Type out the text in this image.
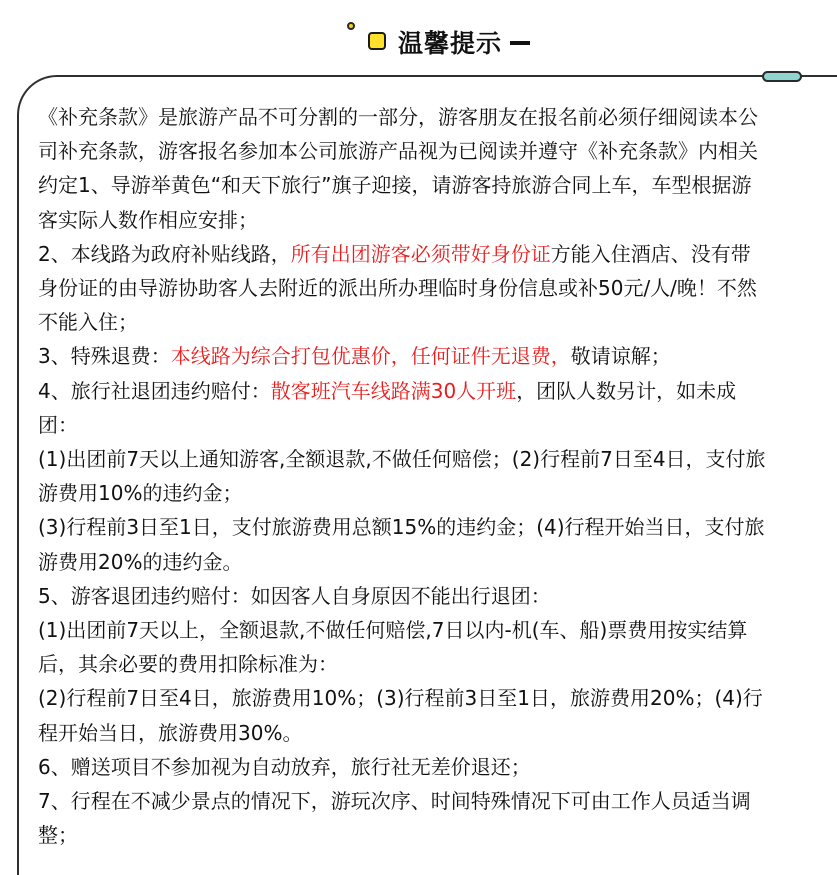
温馨提示

《补充条款》是旅游产品不可分割的一部分，游客朋友在报名前必须仔细阅读本公司补充条款，游客报名参加本公司旅游产品视为已阅读并遵守《补充条款》内相关约定1、导游举黄色“和天下旅行”旗子迎接，请游客持旅游合同上车，车型根据游客实际人数作相应安排；

2、本线路为政府补贴线路，所有出团游客必须带好身份证方能入住酒店、没有带身份证的由导游协助客人去附近的派出所办理临时身份信息或补50元/人/晚！不然不能入住；

3、特殊退费：本线路为综合打包优惠价，任何证件无退费，敬请谅解；

4、旅行社退团违约赔付：散客班汽车线路满30人开班，团队人数另计，如未成团：

(1)出团前7天以上通知游客,全额退款,不做任何赔偿；(2)行程前7日至4日，支付旅游费用10%的违约金；

(3)行程前3日至1日，支付旅游费用总额15%的违约金；(4)行程开始当日，支付旅游费用20%的违约金。

5、游客退团违约赔付：如因客人自身原因不能出行退团：

(1)出团前7天以上，全额退款,不做任何赔偿,7日以内-机(车、船)票费用按实结算后，其余必要的费用扣除标准为：

(2)行程前7日至4日，旅游费用10%；(3)行程前3日至1日，旅游费用20%；(4)行程开始当日，旅游费用30%。

6、赠送项目不参加视为自动放弃，旅行社无差价退还；

7、行程在不减少景点的情况下，游玩次序、时间特殊情况下可由工作人员适当调整；
